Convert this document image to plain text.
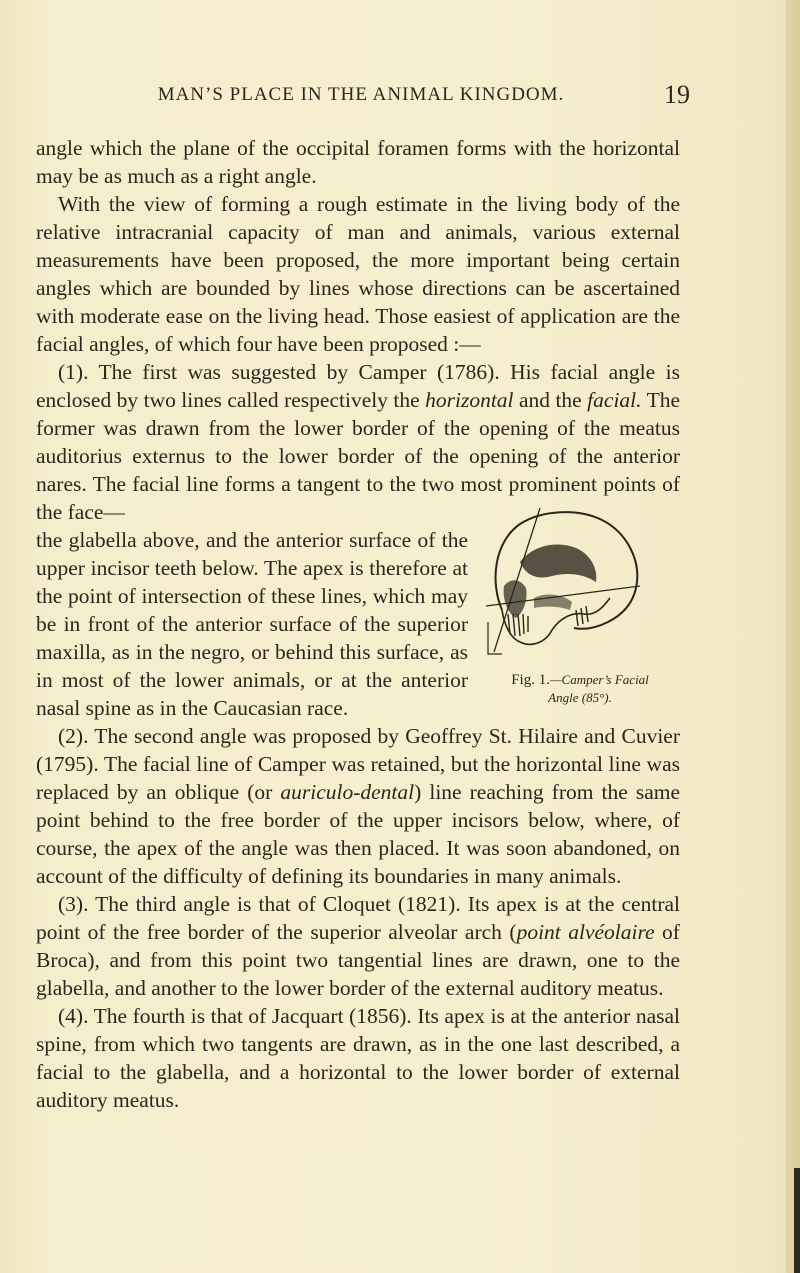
MAN’S PLACE IN THE ANIMAL KINGDOM.	19

angle which the plane of the occipital foramen forms with the horizontal may be as much as a right angle.

With the view of forming a rough estimate in the living body of the relative intracranial capacity of man and animals, various external measurements have been proposed, the more important being certain angles which are bounded by lines whose directions can be ascertained with moderate ease on the living head. Those easiest of application are the facial angles, of which four have been proposed :—

(1). The first was suggested by Camper (1786). His facial angle is enclosed by two lines called respectively the horizontal and the facial. The former was drawn from the lower border of the opening of the meatus auditorius externus to the lower border of the opening of the anterior nares. The facial line forms a tangent to the two most prominent points of the face—

the glabella above, and the anterior surface of the upper incisor teeth below. The apex is therefore at the point of intersection of these lines, which may be in front of the anterior surface of the superior maxilla, as in the negro, or behind this surface, as in most of the lower animals, or at the anterior nasal spine as in the Caucasian race.

(2). The second angle was proposed by Geoffrey St. Hilaire and Cuvier (1795). The facial line of Camper was retained, but the horizontal line was replaced by an oblique (or auriculo-dental) line reaching from the same point behind to the free border of the upper incisors below, where, of course, the apex of the angle was then placed. It was soon abandoned, on account of the difficulty of defining its boundaries in many animals.

(3). The third angle is that of Cloquet (1821). Its apex is at the central point of the free border of the superior alveolar arch (point alvéolaire of Broca), and from this point two tangential lines are drawn, one to the glabella, and another to the lower border of the external auditory meatus.

(4). The fourth is that of Jacquart (1856). Its apex is at the anterior nasal spine, from which two tangents are drawn, as in the one last described, a facial to the glabella, and a horizontal to the lower border of external auditory meatus.

Fig. 1.—Camper’s Facial
Angle (85°).
